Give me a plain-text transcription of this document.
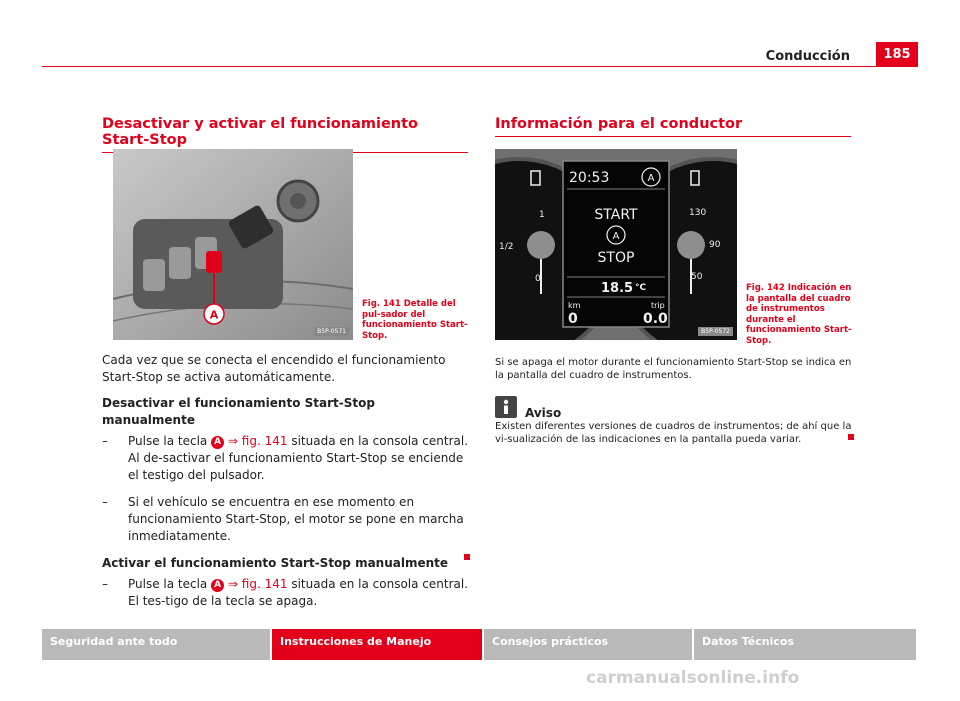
Conducción	185
Desactivar y activar el funcionamiento Start-Stop
A
B5P-0571
Fig. 141 Detalle del pul-sador del funcionamiento Start-Stop.

Cada vez que se conecta el encendido el funcionamiento Start-Stop se activa automáticamente.

Desactivar el funcionamiento Start-Stop manualmente
–	Pulse la tecla A ⇒ fig. 141 situada en la consola central. Al de-sactivar el funcionamiento Start-Stop se enciende el testigo del pulsador.
–	Si el vehículo se encuentra en ese momento en funcionamiento Start-Stop, el motor se pone en marcha inmediatamente.
Activar el funcionamiento Start-Stop manualmente
–	Pulse la tecla A ⇒ fig. 141 situada en la consola central. El tes-tigo de la tecla se apaga.
Información para el conductor
1
1/2
0
130
90
50
20:53	A
START
A
STOP
18.5 °C
km	trip
0	0.0
B5P-0572
Fig. 142 Indicación en la pantalla del cuadro de instrumentos durante el funcionamiento Start-Stop.
Si se apaga el motor durante el funcionamiento Start-Stop se indica en la pantalla del cuadro de instrumentos.
Aviso
Existen diferentes versiones de cuadros de instrumentos; de ahí que la vi-sualización de las indicaciones en la pantalla pueda variar.
Seguridad ante todo	Instrucciones de Manejo	Consejos prácticos	Datos Técnicos
carmanualsonline.info
